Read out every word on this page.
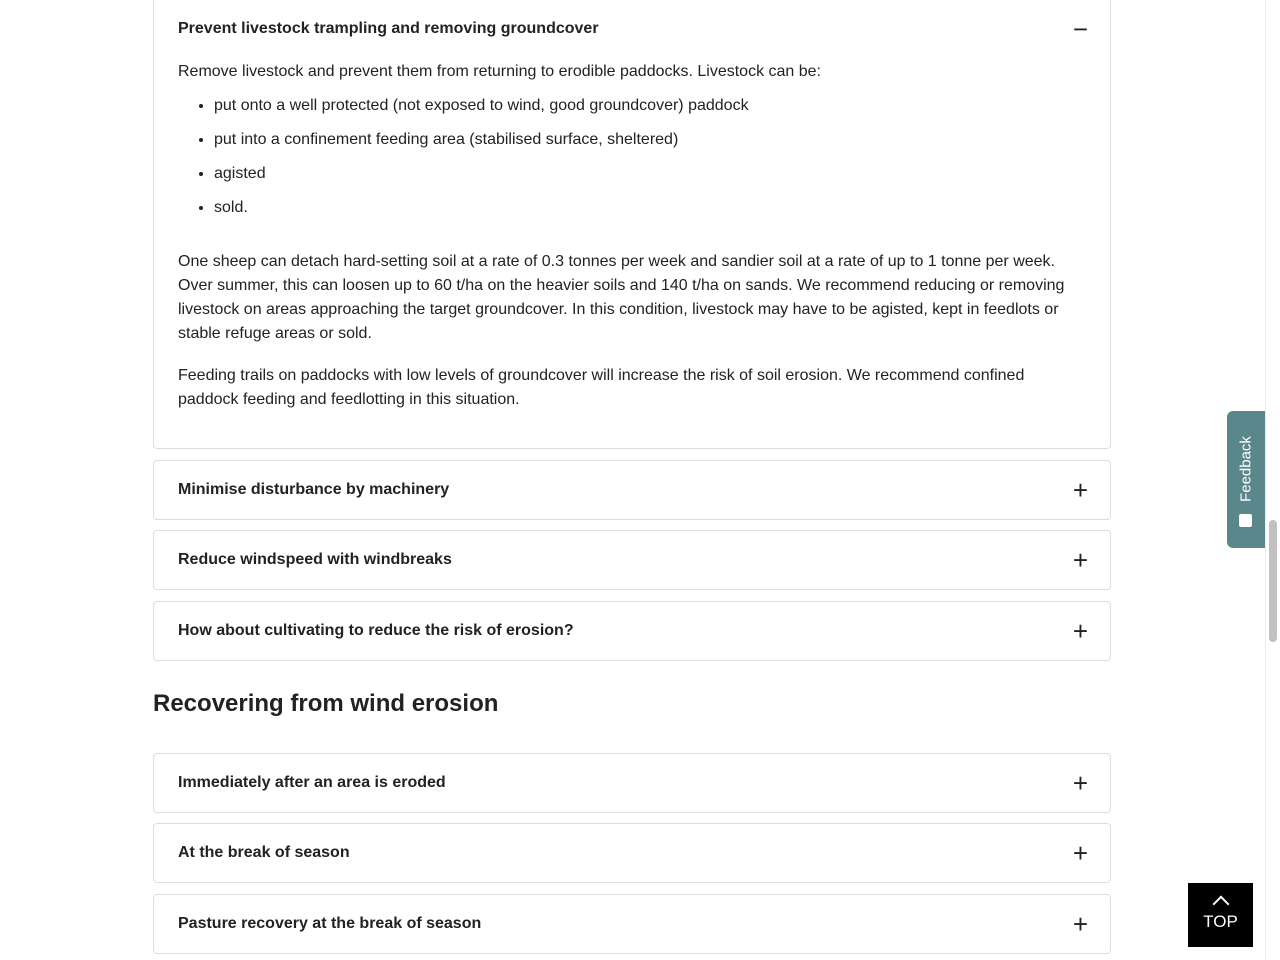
Prevent livestock trampling and removing groundcover	−

Remove livestock and prevent them from returning to erodible paddocks. Livestock can be:

• put onto a well protected (not exposed to wind, good groundcover) paddock
• put into a confinement feeding area (stabilised surface, sheltered)
• agisted
• sold.

One sheep can detach hard-setting soil at a rate of 0.3 tonnes per week and sandier soil at a rate of up to 1 tonne per week. Over summer, this can loosen up to 60 t/ha on the heavier soils and 140 t/ha on sands. We recommend reducing or removing livestock on areas approaching the target groundcover. In this condition, livestock may have to be agisted, kept in feedlots or stable refuge areas or sold.

Feeding trails on paddocks with low levels of groundcover will increase the risk of soil erosion. We recommend confined paddock feeding and feedlotting in this situation.

Minimise disturbance by machinery	+
Reduce windspeed with windbreaks	+
How about cultivating to reduce the risk of erosion?	+
Recovering from wind erosion
Immediately after an area is eroded	+
At the break of season	+
Pasture recovery at the break of season	+
Feedback
TOP
